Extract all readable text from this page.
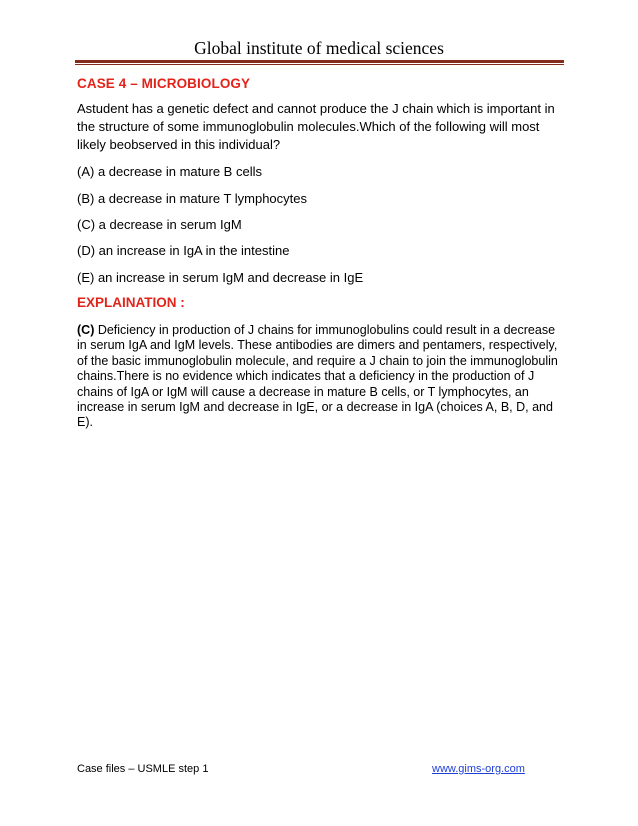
Global institute of medical sciences
CASE 4 – MICROBIOLOGY
Astudent has a genetic defect and cannot produce the J chain which is important in the structure of some immunoglobulin molecules.Which of the following will most likely beobserved in this individual?
(A) a decrease in mature B cells
(B) a decrease in mature T lymphocytes
(C) a decrease in serum IgM
(D) an increase in IgA in the intestine
(E) an increase in serum IgM and decrease in IgE
EXPLAINATION :
(C) Deficiency in production of J chains for immunoglobulins could result in a decrease in serum IgA and IgM levels. These antibodies are dimers and pentamers, respectively, of the basic immunoglobulin molecule, and require a J chain to join the immunoglobulin chains.There is no evidence which indicates that a deficiency in the production of J chains of IgA or IgM will cause a decrease in mature B cells, or T lymphocytes, an increase in serum IgM and decrease in IgE, or a decrease in IgA (choices A, B, D, and E).
Case files – USMLE step 1	www.gims-org.com
